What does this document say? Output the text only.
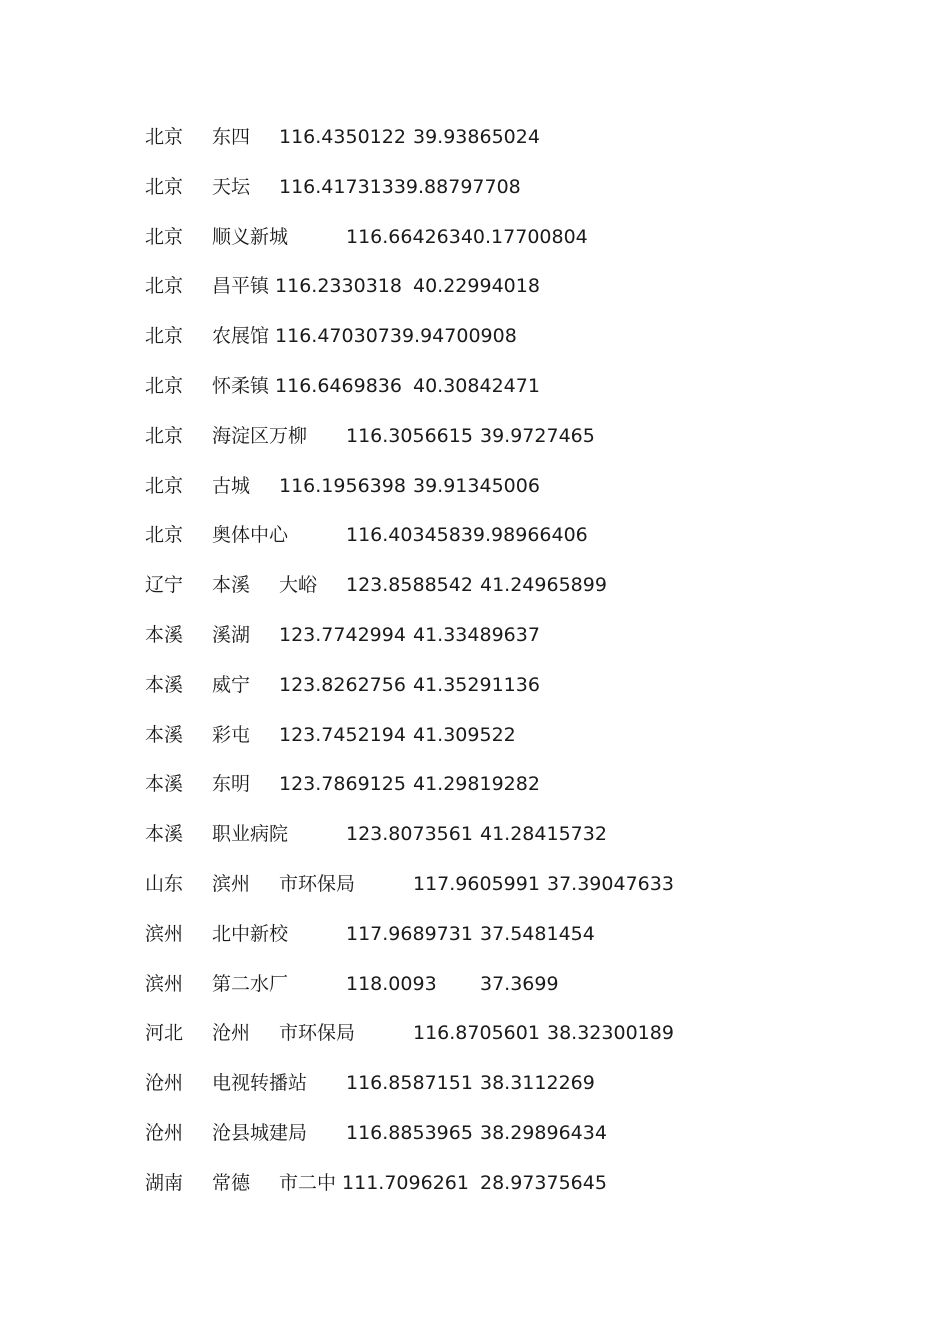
北京	东四	116.4350122	39.93865024
北京	天坛	116.41731339.88797708
北京	顺义新城	116.66426340.17700804
北京	昌平镇 116.2330318	40.22994018
北京	农展馆 116.47030739.94700908
北京	怀柔镇 116.6469836	40.30842471
北京	海淀区万柳	116.3056615	39.9727465
北京	古城	116.1956398	39.91345006
北京	奥体中心	116.40345839.98966406
辽宁	本溪	大峪	123.8588542	41.24965899
本溪	溪湖	123.7742994	41.33489637
本溪	威宁	123.8262756	41.35291136
本溪	彩屯	123.7452194	41.309522
本溪	东明	123.7869125	41.29819282
本溪	职业病院	123.8073561	41.28415732
山东	滨州	市环保局	117.9605991	37.39047633
滨州	北中新校	117.9689731	37.5481454
滨州	第二水厂	118.0093	37.3699
河北	沧州	市环保局	116.8705601	38.32300189
沧州	电视转播站	116.8587151	38.3112269
沧州	沧县城建局	116.8853965	38.29896434
湖南	常德	市二中 111.7096261	28.97375645
